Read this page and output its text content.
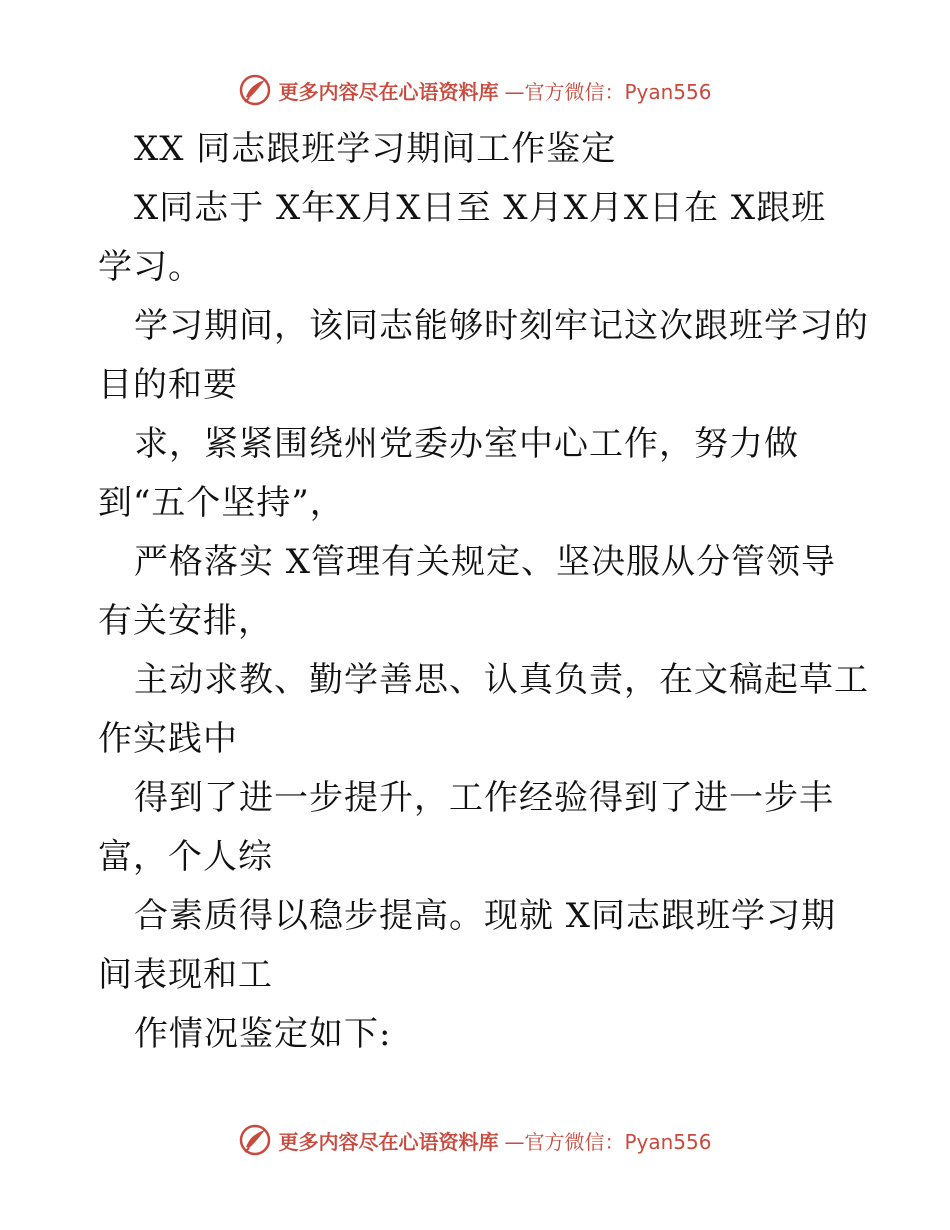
更多内容尽在心语资料库 —官方微信：Pyan556
XX 同志跟班学习期间工作鉴定
X同志于 X年X月X日至 X月X月X日在 X跟班
学习。
学习期间，该同志能够时刻牢记这次跟班学习的
目的和要
求，紧紧围绕州党委办室中心工作，努力做
到“五个坚持”，
严格落实 X管理有关规定、坚决服从分管领导
有关安排，
主动求教、勤学善思、认真负责，在文稿起草工
作实践中
得到了进一步提升，工作经验得到了进一步丰
富，个人综
合素质得以稳步提高。现就 X同志跟班学习期
间表现和工
作情况鉴定如下:
更多内容尽在心语资料库 —官方微信：Pyan556
